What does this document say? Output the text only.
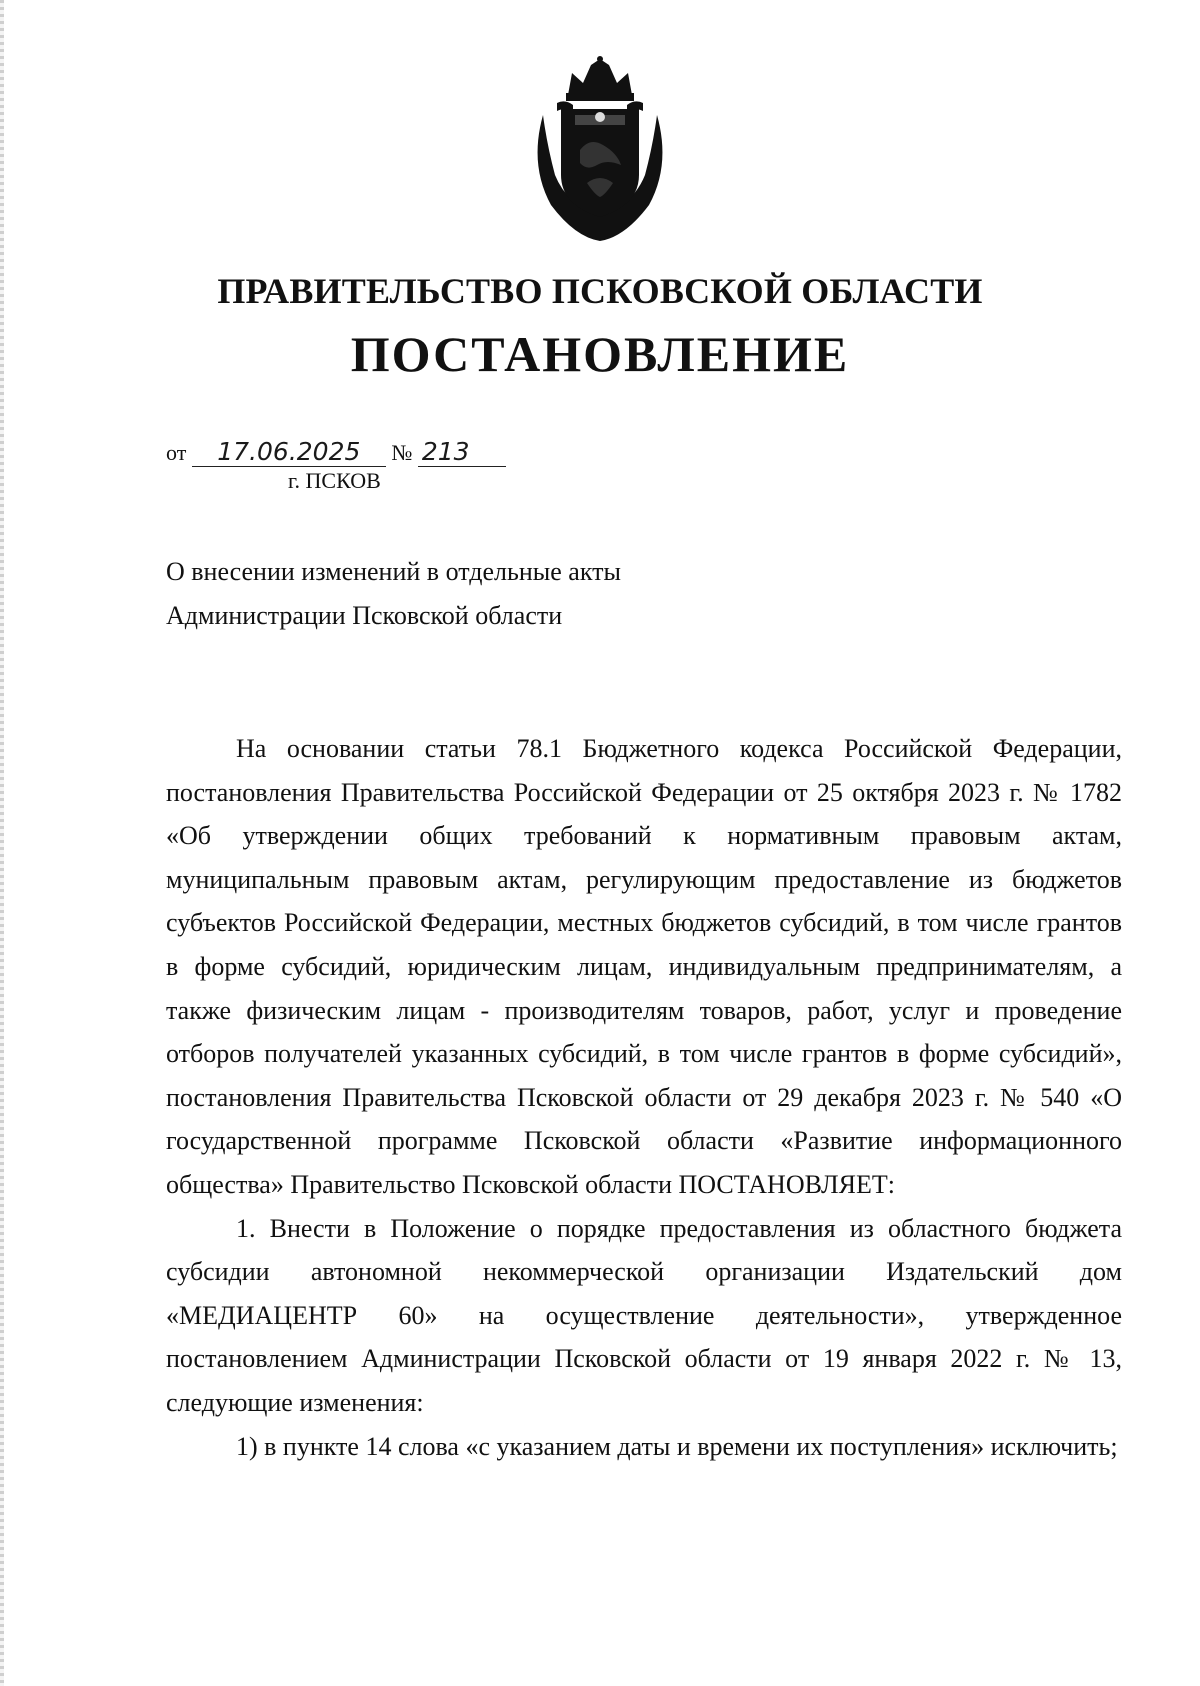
ПРАВИТЕЛЬСТВО ПСКОВСКОЙ ОБЛАСТИ
ПОСТАНОВЛЕНИЕ
от 17.06.2025 № 213
г. ПСКОВ
О внесении изменений в отдельные акты
Администрации Псковской области

На основании статьи 78.1 Бюджетного кодекса Российской Федерации, постановления Правительства Российской Федерации от 25 октября 2023 г. № 1782 «Об утверждении общих требований к нормативным правовым актам, муниципальным правовым актам, регулирующим предоставление из бюджетов субъектов Российской Федерации, местных бюджетов субсидий, в том числе грантов в форме субсидий, юридическим лицам, индивидуальным предпринимателям, а также физическим лицам - производителям товаров, работ, услуг и проведение отборов получателей указанных субсидий, в том числе грантов в форме субсидий», постановления Правительства Псковской области от 29 декабря 2023 г. № 540 «О государственной программе Псковской области «Развитие информационного общества» Правительство Псковской области ПОСТАНОВЛЯЕТ:

1. Внести в Положение о порядке предоставления из областного бюджета субсидии автономной некоммерческой организации Издательский дом «МЕДИАЦЕНТР 60» на осуществление деятельности», утвержденное постановлением Администрации Псковской области от 19 января 2022 г. № 13, следующие изменения:

1) в пункте 14 слова «с указанием даты и времени их поступления» исключить;
